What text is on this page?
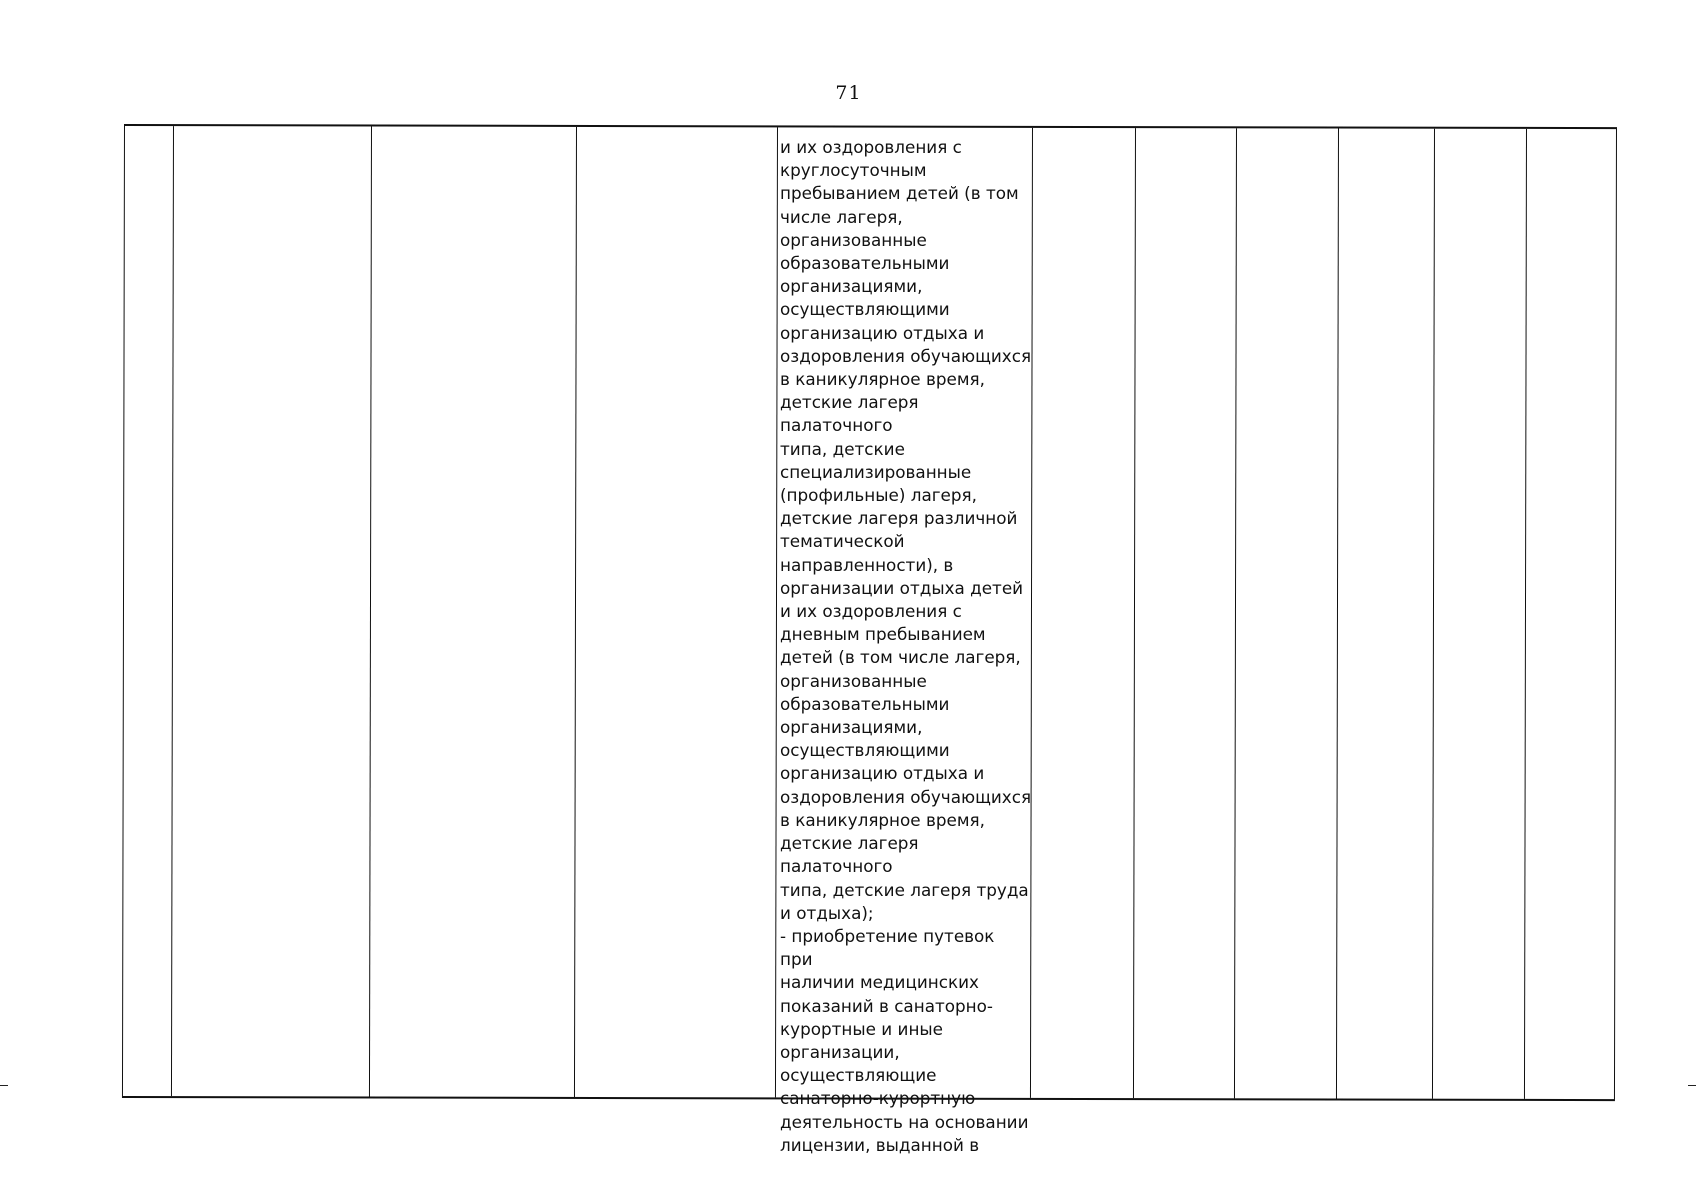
71
и их оздоровления с
круглосуточным
пребыванием детей (в том
числе лагеря,
организованные
образовательными
организациями,
осуществляющими
организацию отдыха и
оздоровления обучающихся
в каникулярное время,
детские лагеря палаточного
типа, детские
специализированные
(профильные) лагеря,
детские лагеря различной
тематической
направленности), в
организации отдыха детей
и их оздоровления с
дневным пребыванием
детей (в том числе лагеря,
организованные
образовательными
организациями,
осуществляющими
организацию отдыха и
оздоровления обучающихся
в каникулярное время,
детские лагеря палаточного
типа, детские лагеря труда
и отдыха);
- приобретение путевок при
наличии медицинских
показаний в санаторно-
курортные и иные
организации,
осуществляющие
санаторно-курортную
деятельность на основании
лицензии, выданной в
